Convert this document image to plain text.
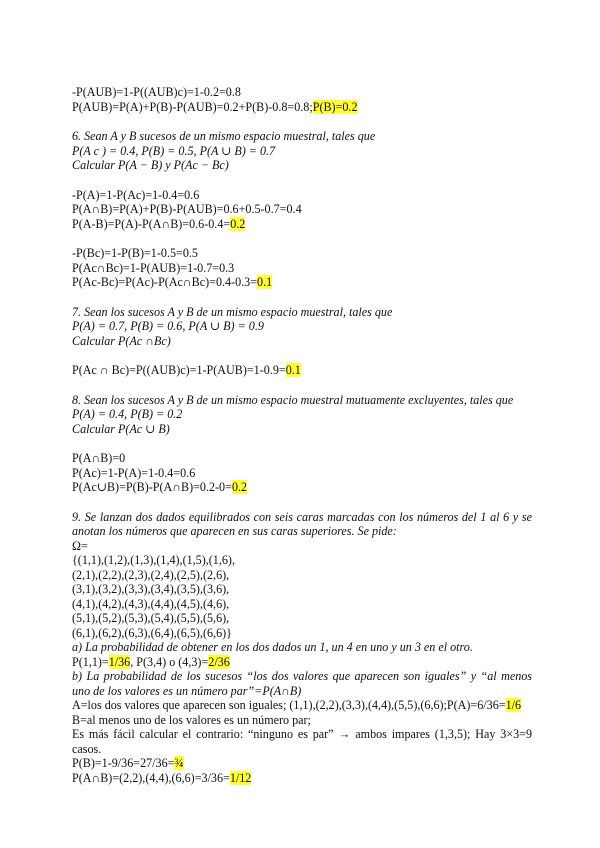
-P(AUB)=1-P((AUB)c)=1-0.2=0.8
P(AUB)=P(A)+P(B)-P(AUB)=0.2+P(B)-0.8=0.8;P(B)=0.2
6. Sean A y B sucesos de un mismo espacio muestral, tales que
P(A c ) = 0.4, P(B) = 0.5, P(A ∪ B) = 0.7
Calcular P(A − B) y P(Ac − Bc)
-P(A)=1-P(Ac)=1-0.4=0.6
P(A∩B)=P(A)+P(B)-P(AUB)=0.6+0.5-0.7=0.4
P(A-B)=P(A)-P(A∩B)=0.6-0.4=0.2
-P(Bc)=1-P(B)=1-0.5=0.5
P(Ac∩Bc)=1-P(AUB)=1-0.7=0.3
P(Ac-Bc)=P(Ac)-P(Ac∩Bc)=0.4-0.3=0.1
7. Sean los sucesos A y B de un mismo espacio muestral, tales que
P(A) = 0.7, P(B) = 0.6, P(A ∪ B) = 0.9
Calcular P(Ac ∩Bc)
P(Ac ∩ Bc)=P((AUB)c)=1-P(AUB)=1-0.9=0.1
8. Sean los sucesos A y B de un mismo espacio muestral mutuamente excluyentes, tales que
P(A) = 0.4, P(B) = 0.2
Calcular P(Ac ∪ B)
P(A∩B)=0
P(Ac)=1-P(A)=1-0.4=0.6
P(Ac∪B)=P(B)-P(A∩B)=0.2-0=0.2
9. Se lanzan dos dados equilibrados con seis caras marcadas con los números del 1 al 6 y se anotan los números que aparecen en sus caras superiores. Se pide:
Ω=
{(1,1),(1,2),(1,3),(1,4),(1,5),(1,6),
(2,1),(2,2),(2,3),(2,4),(2,5),(2,6),
(3,1),(3,2),(3,3),(3,4),(3,5),(3,6),
(4,1),(4,2),(4,3),(4,4),(4,5),(4,6),
(5,1),(5,2),(5,3),(5,4),(5,5),(5,6),
(6,1),(6,2),(6,3),(6,4),(6,5),(6,6)}
a) La probabilidad de obtener en los dos dados un 1, un 4 en uno y un 3 en el otro.
P(1,1)=1/36, P(3,4) o (4,3)=2/36
b) La probabilidad de los sucesos “los dos valores que aparecen son iguales” y “al menos uno de los valores es un número par”=P(A∩B)
A=los dos valores que aparecen son iguales; (1,1),(2,2),(3,3),(4,4),(5,5),(6,6);P(A)=6/36=1/6
B=al menos uno de los valores es un número par;
Es más fácil calcular el contrario: “ninguno es par” → ambos impares (1,3,5); Hay 3×3=9 casos.
P(B)=1-9/36=27/36=¾
P(A∩B)=(2,2),(4,4),(6,6)=3/36=1/12
